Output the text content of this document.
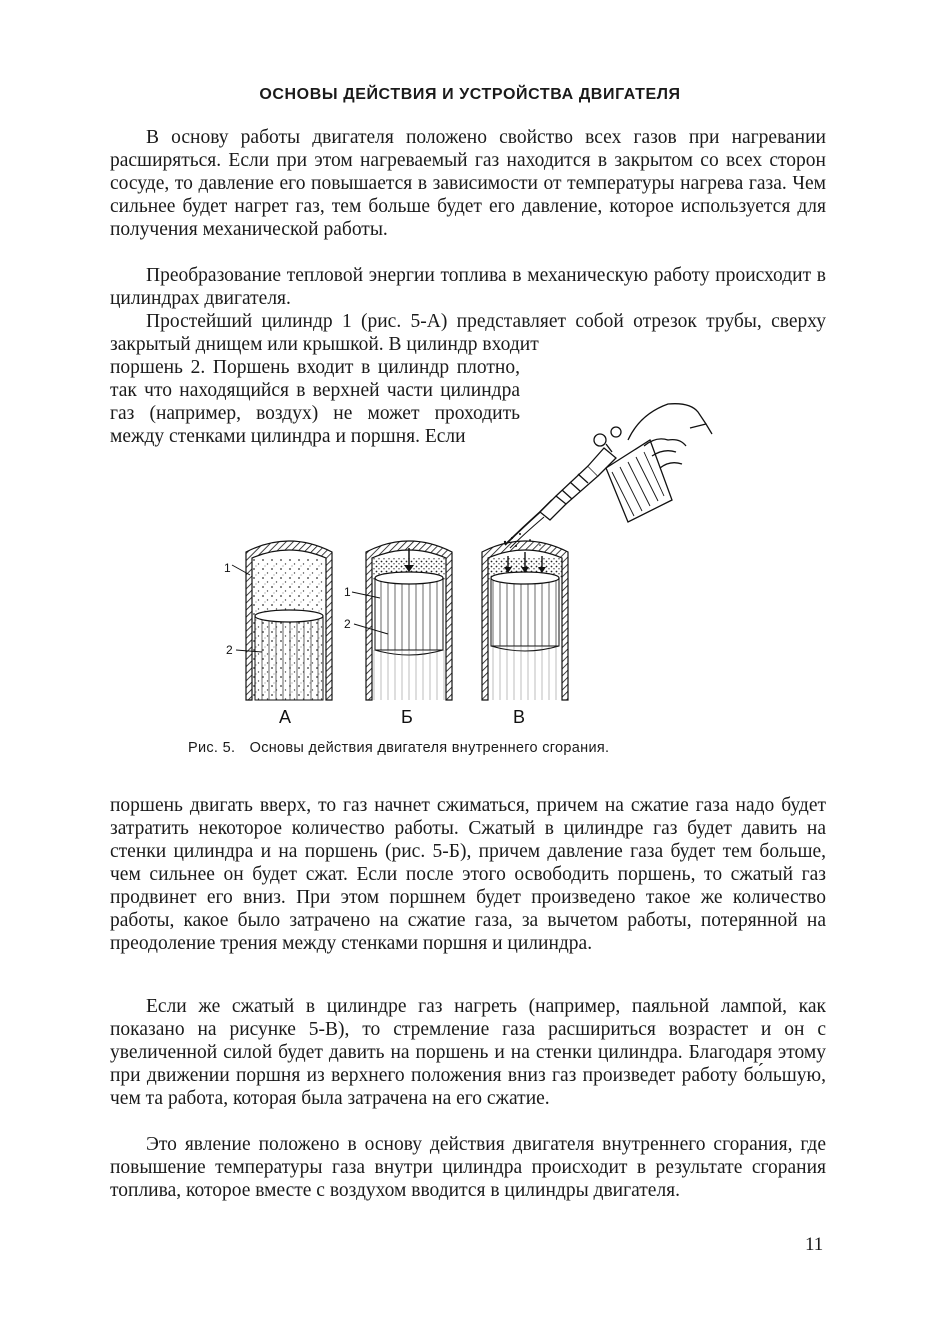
ОСНОВЫ ДЕЙСТВИЯ И УСТРОЙСТВА ДВИГАТЕЛЯ

В основу работы двигателя положено свойство всех газов при нагревании расширяться. Если при этом нагреваемый газ находится в закрытом со всех сторон сосуде, то давление его повышается в зависимости от температуры нагрева газа. Чем сильнее будет нагрет газ, тем больше будет его давление, которое используется для получения механической работы.

Преобразование тепловой энергии топлива в механическую работу происходит в цилиндрах двигателя.

Простейший цилиндр 1 (рис. 5-А) представляет собой отрезок трубы, сверху закрытый днищем или крышкой. В цилиндр входит

поршень 2. Поршень входит в цилиндр плотно, так что находящийся в верхней части цилиндра газ (например, воздух) не может проходить между стенками цилиндра и поршня. Если

1
2
1
2
А	Б	В
Рис. 5. Основы действия двигателя внутреннего сгорания.

поршень двигать вверх, то газ начнет сжиматься, причем на сжатие газа надо будет затратить некоторое количество работы. Сжатый в цилиндре газ будет давить на стенки цилиндра и на поршень (рис. 5-Б), причем давление газа будет тем больше, чем сильнее он будет сжат. Если после этого освободить поршень, то сжатый газ продвинет его вниз. При этом поршнем будет произведено такое же количество работы, какое было затрачено на сжатие газа, за вычетом работы, потерянной на преодоление трения между стенками поршня и цилиндра.

Если же сжатый в цилиндре газ нагреть (например, паяльной лампой, как показано на рисунке 5-В), то стремление газа расшириться возрастет и он с увеличенной силой будет давить на поршень и на стенки цилиндра. Благодаря этому при движении поршня из верхнего положения вниз газ произведет работу бо́льшую, чем та работа, которая была затрачена на его сжатие.

Это явление положено в основу действия двигателя внутреннего сгорания, где повышение температуры газа внутри цилиндра происходит в результате сгорания топлива, которое вместе с воздухом вводится в цилиндры двигателя.

11
